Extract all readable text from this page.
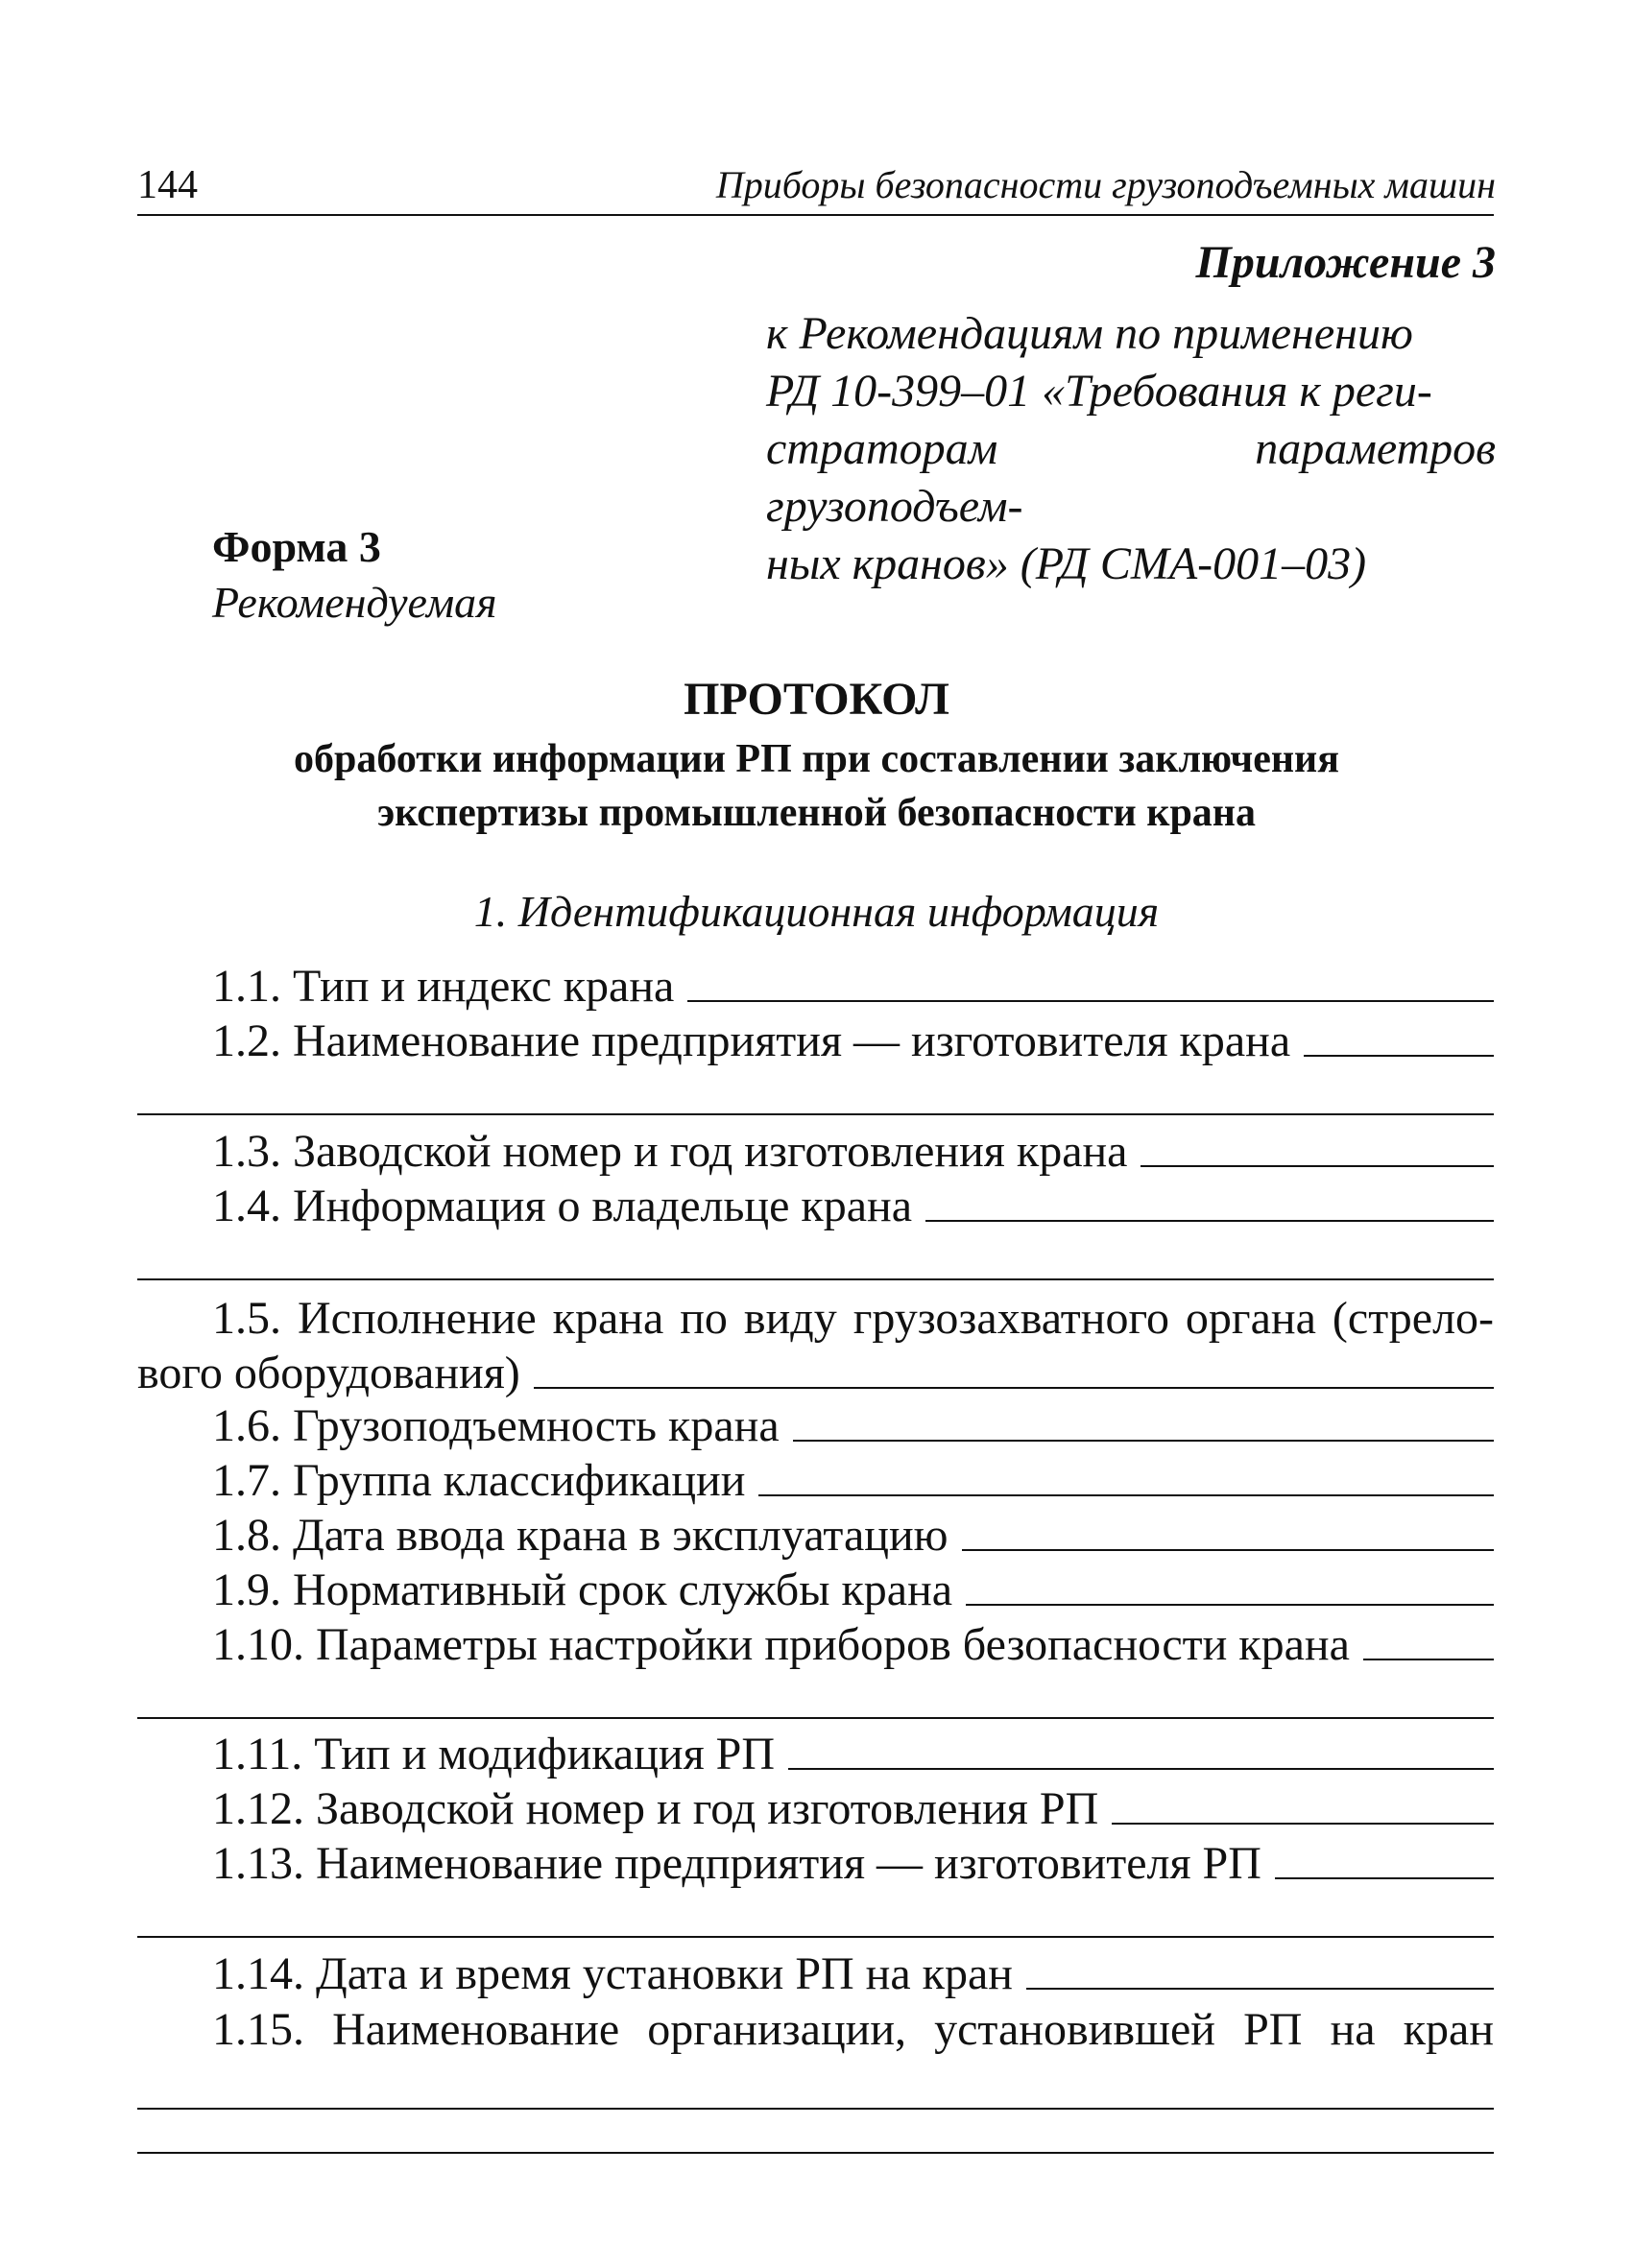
144	Приборы безопасности грузоподъемных машин
Приложение 3
к Рекомендациям по применению
РД 10-399–01 «Требования к реги-
страторам параметров грузоподъем-
ных кранов» (РД СМА-001–03)
Форма 3
Рекомендуемая
ПРОТОКОЛ
обработки информации РП при составлении заключения
экспертизы промышленной безопасности крана
1. Идентификационная информация
1.1. Тип и индекс крана
1.2. Наименование предприятия — изготовителя крана
1.3. Заводской номер и год изготовления крана
1.4. Информация о владельце крана
1.5. Исполнение крана по виду грузозахватного органа (стрело-
вого оборудования)
1.6. Грузоподъемность крана
1.7. Группа классификации
1.8. Дата ввода крана в эксплуатацию
1.9. Нормативный срок службы крана
1.10. Параметры настройки приборов безопасности крана
1.11. Тип и модификация РП
1.12. Заводской номер и год изготовления РП
1.13. Наименование предприятия — изготовителя РП
1.14. Дата и время установки РП на кран
1.15. Наименование организации, установившей РП на кран
